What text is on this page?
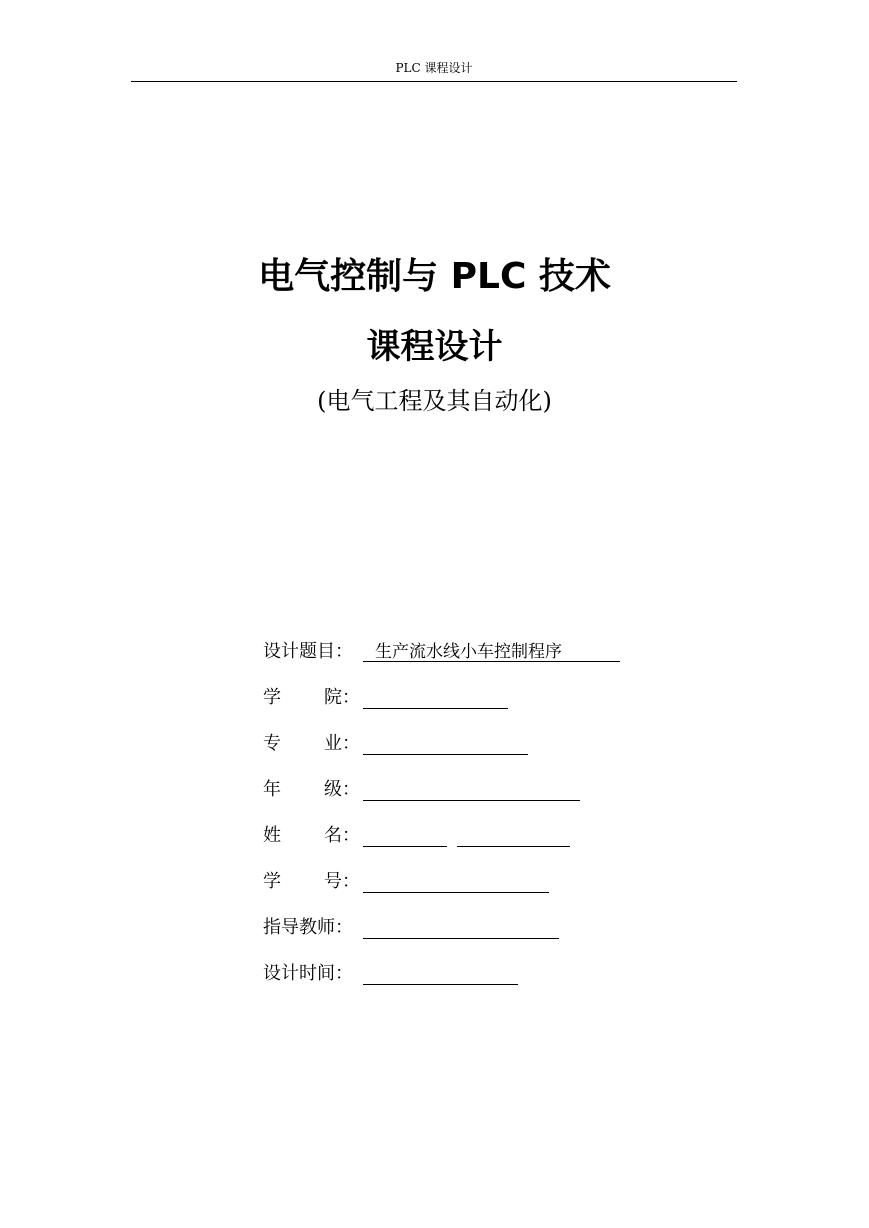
PLC 课程设计
电气控制与 PLC 技术
课程设计
(电气工程及其自动化)
设计题目：	生产流水线小车控制程序
学 院：
专 业：
年 级：
姓 名：
学 号：
指导教师：
设计时间：
